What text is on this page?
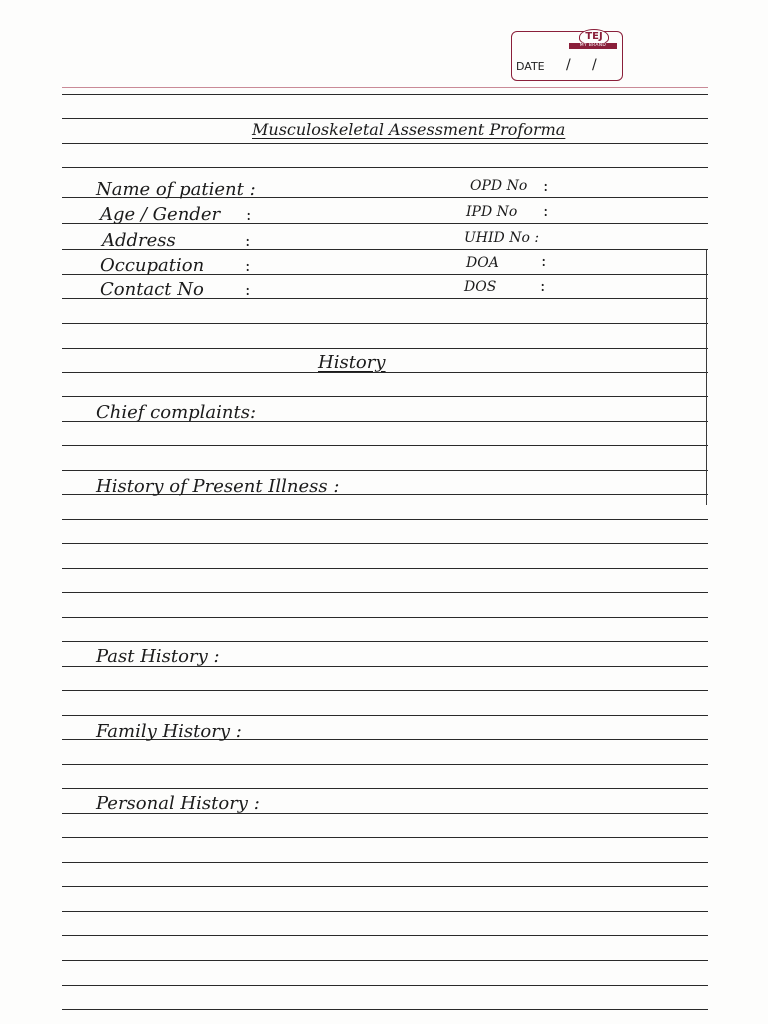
TEJ
MY BRAND
DATE / /
Musculoskeletal Assessment Proforma
Name of patient :
Age / Gender :
Address	:
Occupation	:
Contact No	:
OPD No :
IPD No :
UHID No :
DOA	:
DOS	:
History
Chief complaints:
History of Present Illness :
Past History :
Family History :
Personal History :
